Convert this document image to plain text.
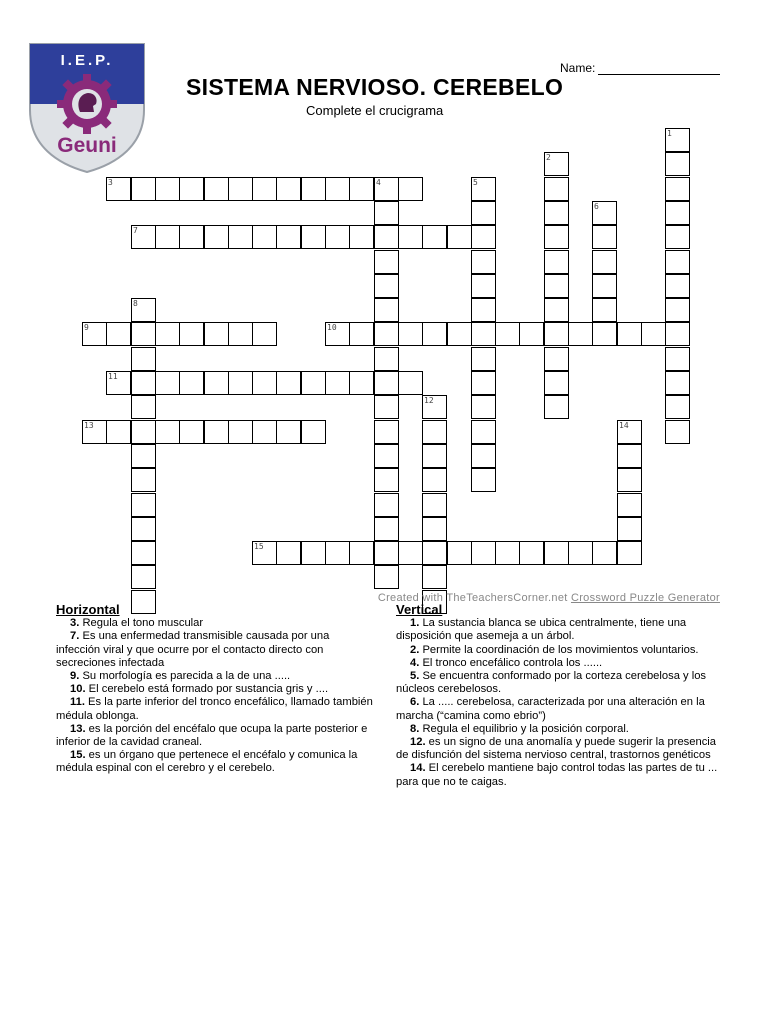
I.E.P.
Geuni
Name:
SISTEMA NERVIOSO. CEREBELO
Complete el crucigrama
1
2
3	4	5
6
7
8
9	10
11
12
13	14
15
Created with TheTeachersCorner.net Crossword Puzzle Generator
Horizontal
3. Regula el tono muscular
7. Es una enfermedad transmisible causada por una infección viral y que ocurre por el contacto directo con secreciones infectada
9. Su morfología es parecida a la de una .....
10. El cerebelo está formado por sustancia gris y ....
11. Es la parte inferior del tronco encefálico, llamado también médula oblonga.
13. es la porción del encéfalo que ocupa la parte posterior e inferior de la cavidad craneal.
15. es un órgano que pertenece el encéfalo y comunica la médula espinal con el cerebro y el cerebelo.
Vertical
1. La sustancia blanca se ubica centralmente, tiene una disposición que asemeja a un árbol.
2. Permite la coordinación de los movimientos voluntarios.
4. El tronco encefálico controla los ......
5. Se encuentra conformado por la corteza cerebelosa y los núcleos cerebelosos.
6. La ..... cerebelosa, caracterizada por una alteración en la marcha (“camina como ebrio”)
8. Regula el equilibrio y la posición corporal.
12. es un signo de una anomalía y puede sugerir la presencia de disfunción del sistema nervioso central, trastornos genéticos
14. El cerebelo mantiene bajo control todas las partes de tu ... para que no te caigas.
